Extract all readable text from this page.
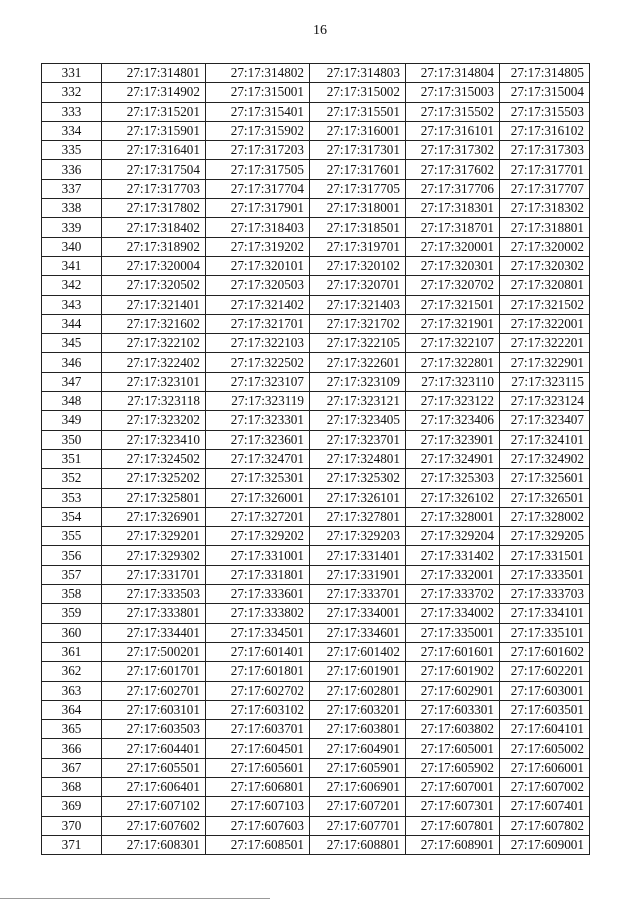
16
331	27:17:314801	27:17:314802	27:17:314803	27:17:314804	27:17:314805
332	27:17:314902	27:17:315001	27:17:315002	27:17:315003	27:17:315004
333	27:17:315201	27:17:315401	27:17:315501	27:17:315502	27:17:315503
334	27:17:315901	27:17:315902	27:17:316001	27:17:316101	27:17:316102
335	27:17:316401	27:17:317203	27:17:317301	27:17:317302	27:17:317303
336	27:17:317504	27:17:317505	27:17:317601	27:17:317602	27:17:317701
337	27:17:317703	27:17:317704	27:17:317705	27:17:317706	27:17:317707
338	27:17:317802	27:17:317901	27:17:318001	27:17:318301	27:17:318302
339	27:17:318402	27:17:318403	27:17:318501	27:17:318701	27:17:318801
340	27:17:318902	27:17:319202	27:17:319701	27:17:320001	27:17:320002
341	27:17:320004	27:17:320101	27:17:320102	27:17:320301	27:17:320302
342	27:17:320502	27:17:320503	27:17:320701	27:17:320702	27:17:320801
343	27:17:321401	27:17:321402	27:17:321403	27:17:321501	27:17:321502
344	27:17:321602	27:17:321701	27:17:321702	27:17:321901	27:17:322001
345	27:17:322102	27:17:322103	27:17:322105	27:17:322107	27:17:322201
346	27:17:322402	27:17:322502	27:17:322601	27:17:322801	27:17:322901
347	27:17:323101	27:17:323107	27:17:323109	27:17:323110	27:17:323115
348	27:17:323118	27:17:323119	27:17:323121	27:17:323122	27:17:323124
349	27:17:323202	27:17:323301	27:17:323405	27:17:323406	27:17:323407
350	27:17:323410	27:17:323601	27:17:323701	27:17:323901	27:17:324101
351	27:17:324502	27:17:324701	27:17:324801	27:17:324901	27:17:324902
352	27:17:325202	27:17:325301	27:17:325302	27:17:325303	27:17:325601
353	27:17:325801	27:17:326001	27:17:326101	27:17:326102	27:17:326501
354	27:17:326901	27:17:327201	27:17:327801	27:17:328001	27:17:328002
355	27:17:329201	27:17:329202	27:17:329203	27:17:329204	27:17:329205
356	27:17:329302	27:17:331001	27:17:331401	27:17:331402	27:17:331501
357	27:17:331701	27:17:331801	27:17:331901	27:17:332001	27:17:333501
358	27:17:333503	27:17:333601	27:17:333701	27:17:333702	27:17:333703
359	27:17:333801	27:17:333802	27:17:334001	27:17:334002	27:17:334101
360	27:17:334401	27:17:334501	27:17:334601	27:17:335001	27:17:335101
361	27:17:500201	27:17:601401	27:17:601402	27:17:601601	27:17:601602
362	27:17:601701	27:17:601801	27:17:601901	27:17:601902	27:17:602201
363	27:17:602701	27:17:602702	27:17:602801	27:17:602901	27:17:603001
364	27:17:603101	27:17:603102	27:17:603201	27:17:603301	27:17:603501
365	27:17:603503	27:17:603701	27:17:603801	27:17:603802	27:17:604101
366	27:17:604401	27:17:604501	27:17:604901	27:17:605001	27:17:605002
367	27:17:605501	27:17:605601	27:17:605901	27:17:605902	27:17:606001
368	27:17:606401	27:17:606801	27:17:606901	27:17:607001	27:17:607002
369	27:17:607102	27:17:607103	27:17:607201	27:17:607301	27:17:607401
370	27:17:607602	27:17:607603	27:17:607701	27:17:607801	27:17:607802
371	27:17:608301	27:17:608501	27:17:608801	27:17:608901	27:17:609001
